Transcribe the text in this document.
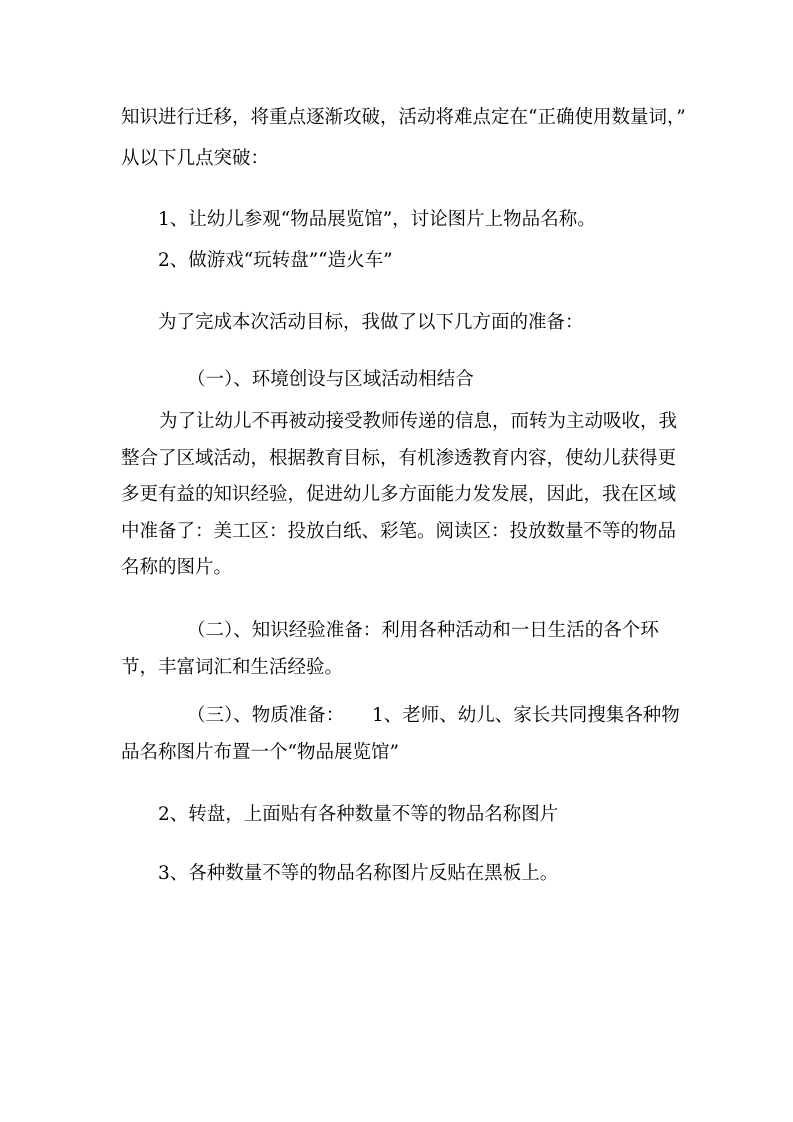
知识进行迁移，将重点逐渐攻破，活动将难点定在“正确使用数量词，”
从以下几点突破：
1、让幼儿参观“物品展览馆”，讨论图片上物品名称。
2、做游戏“玩转盘”“造火车”
为了完成本次活动目标，我做了以下几方面的准备：
（一）、环境创设与区域活动相结合
为了让幼儿不再被动接受教师传递的信息，而转为主动吸收，我整合了区域活动，根据教育目标，有机渗透教育内容，使幼儿获得更多更有益的知识经验，促进幼儿多方面能力发发展，因此，我在区域中准备了：美工区：投放白纸、彩笔。阅读区：投放数量不等的物品名称的图片。
（二）、知识经验准备：利用各种活动和一日生活的各个环节，丰富词汇和生活经验。
（三）、物质准备：　　1、老师、幼儿、家长共同搜集各种物品名称图片布置一个“物品展览馆”
2、转盘，上面贴有各种数量不等的物品名称图片
3、各种数量不等的物品名称图片反贴在黑板上。
